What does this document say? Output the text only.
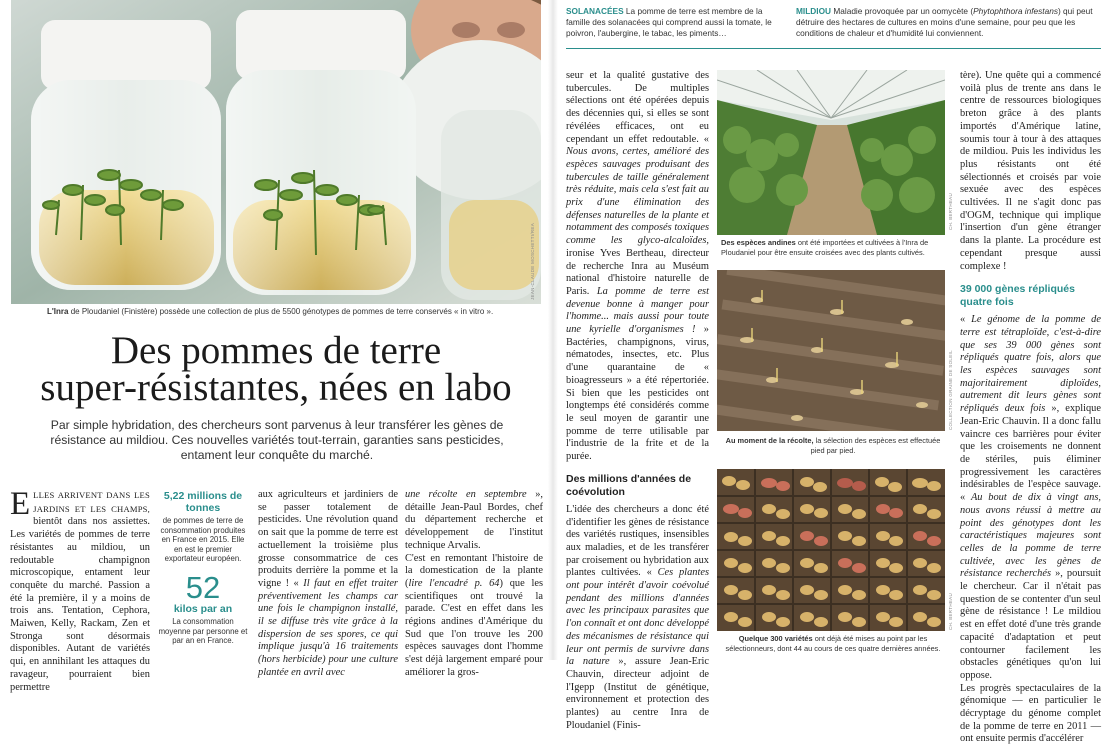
JEAN-CLAUDE MOSCHETTI/REA
L'Inra de Ploudaniel (Finistère) possède une collection de plus de 5500 génotypes de pommes de terre conservés « in vitro ».
Des pommes de terre
super-résistantes, nées en labo
Par simple hybridation, des chercheurs sont parvenus à leur transférer les gènes de résistance au mildiou. Ces nouvelles variétés tout-terrain, garanties sans pesticides, entament leur conquête du marché.

ELLES ARRIVENT DANS LES JARDINS ET LES CHAMPS, bientôt dans nos assiettes. Les variétés de pommes de terre résistantes au mildiou, un redoutable champignon microscopique, entament leur conquête du marché. Passion a été la première, il y a moins de trois ans. Tentation, Cephora, Maiwen, Kelly, Rackam, Zen et Stronga sont désormais disponibles. Autant de variétés qui, en annihilant les attaques du ravageur, pourraient bien permettre

5,22 millions de tonnes
de pommes de terre de consommation produites en France en 2015. Elle en est le premier exportateur européen.
52
kilos par an
La consommation moyenne par personne et par an en France.

aux agriculteurs et jardiniers de se passer totalement de pesticides. Une révolution quand on sait que la pomme de terre est actuellement la troisième plus grosse consommatrice de ces produits derrière la pomme et la vigne ! « Il faut en effet traiter préventivement les champs car une fois le champignon installé, il se diffuse très vite grâce à la dispersion de ses spores, ce qui implique jusqu'à 16 traitements (hors herbicide) pour une culture plantée en avril avec

une récolte en septembre », détaille Jean-Paul Bordes, chef du département recherche et développement de l'institut technique Arvalis.

C'est en remontant l'histoire de la domestication de la plante (lire l'encadré p. 64) que les scientifiques ont trouvé la parade. C'est en effet dans les régions andines d'Amérique du Sud que l'on trouve les 200 espèces sauvages dont l'homme s'est déjà largement emparé pour améliorer la gros-

SOLANACÉES La pomme de terre est membre de la famille des solanacées qui comprend aussi la tomate, le poivron, l'aubergine, le tabac, les piments…
MILDIOU Maladie provoquée par un oomycète (Phytophthora infestans) qui peut détruire des hectares de cultures en moins d'une semaine, pour peu que les conditions de chaleur et d'humidité lui conviennent.

seur et la qualité gustative des tubercules. De multiples sélections ont été opérées depuis des décennies qui, si elles se sont révélées efficaces, ont eu cependant un effet redoutable. « Nous avons, certes, amélioré des espèces sauvages produisant des tubercules de taille généralement très réduite, mais cela s'est fait au prix d'une élimination des défenses naturelles de la plante et notamment des composés toxiques comme les glyco-alcaloïdes, ironise Yves Bertheau, directeur de recherche Inra au Muséum national d'histoire naturelle de Paris. La pomme de terre est devenue bonne à manger pour l'homme... mais aussi pour toute une kyrielle d'organismes ! » Bactéries, champignons, virus, nématodes, insectes, etc. Plus d'une quarantaine de « bioagresseurs » a été répertoriée. Si bien que les pesticides ont longtemps été considérés comme le seul moyen de garantir une pomme de terre utilisable par l'industrie de la frite et de la purée.

Des millions d'années de coévolution

L'idée des chercheurs a donc été d'identifier les gènes de résistance des variétés rustiques, insensibles aux maladies, et de les transférer par croisement ou hybridation aux plantes cultivées. « Ces plantes ont pour intérêt d'avoir coévolué pendant des millions d'années avec les principaux parasites que l'on connaît et ont donc développé des mécanismes de résistance qui leur ont permis de survivre dans la nature », assure Jean-Eric Chauvin, directeur adjoint de l'Igepp (Institut de génétique, environnement et protection des plantes) au centre Inra de Ploudaniel (Finis-

CH. BERTHEAU
Des espèces andines ont été importées et cultivées à l'Inra de Ploudaniel pour être ensuite croisées avec des plants cultivés.
COLLECTION GRAINE DE SOLEIL
Au moment de la récolte, la sélection des espèces est effectuée pied par pied.
CH. BERTHEAU
Quelque 300 variétés ont déjà été mises au point par les sélectionneurs, dont 44 au cours de ces quatre dernières années.

tère). Une quête qui a commencé voilà plus de trente ans dans le centre de ressources biologiques breton grâce à des plants importés d'Amérique latine, soumis tour à tour à des attaques de mildiou. Puis les individus les plus résistants ont été sélectionnés et croisés par voie sexuée avec des espèces cultivées. Il ne s'agit donc pas d'OGM, technique qui implique l'insertion d'un gène étranger dans la plante. La procédure est cependant presque aussi complexe !

39 000 gènes répliqués quatre fois

« Le génome de la pomme de terre est tétraploïde, c'est-à-dire que ses 39 000 gènes sont répliqués quatre fois, alors que les espèces sauvages sont majoritairement diploïdes, autrement dit leurs gènes sont répliqués deux fois », explique Jean-Eric Chauvin. Il a donc fallu vaincre ces barrières pour éviter que les croisements ne donnent de stériles, puis éliminer progressivement les caractères indésirables de l'espèce sauvage. « Au bout de dix à vingt ans, nous avons réussi à mettre au point des génotypes dont les caractéristiques majeures sont celles de la pomme de terre cultivée, avec les gènes de résistance recherchés », poursuit le chercheur. Car il n'était pas question de se contenter d'un seul gène de résistance ! Le mildiou est en effet doté d'une très grande capacité d'adaptation et peut contourner facilement les obstacles génétiques qu'on lui oppose.

Les progrès spectaculaires de la génomique — en particulier le décryptage du génome complet de la pomme de terre en 2011 — ont ensuite permis d'accélérer
